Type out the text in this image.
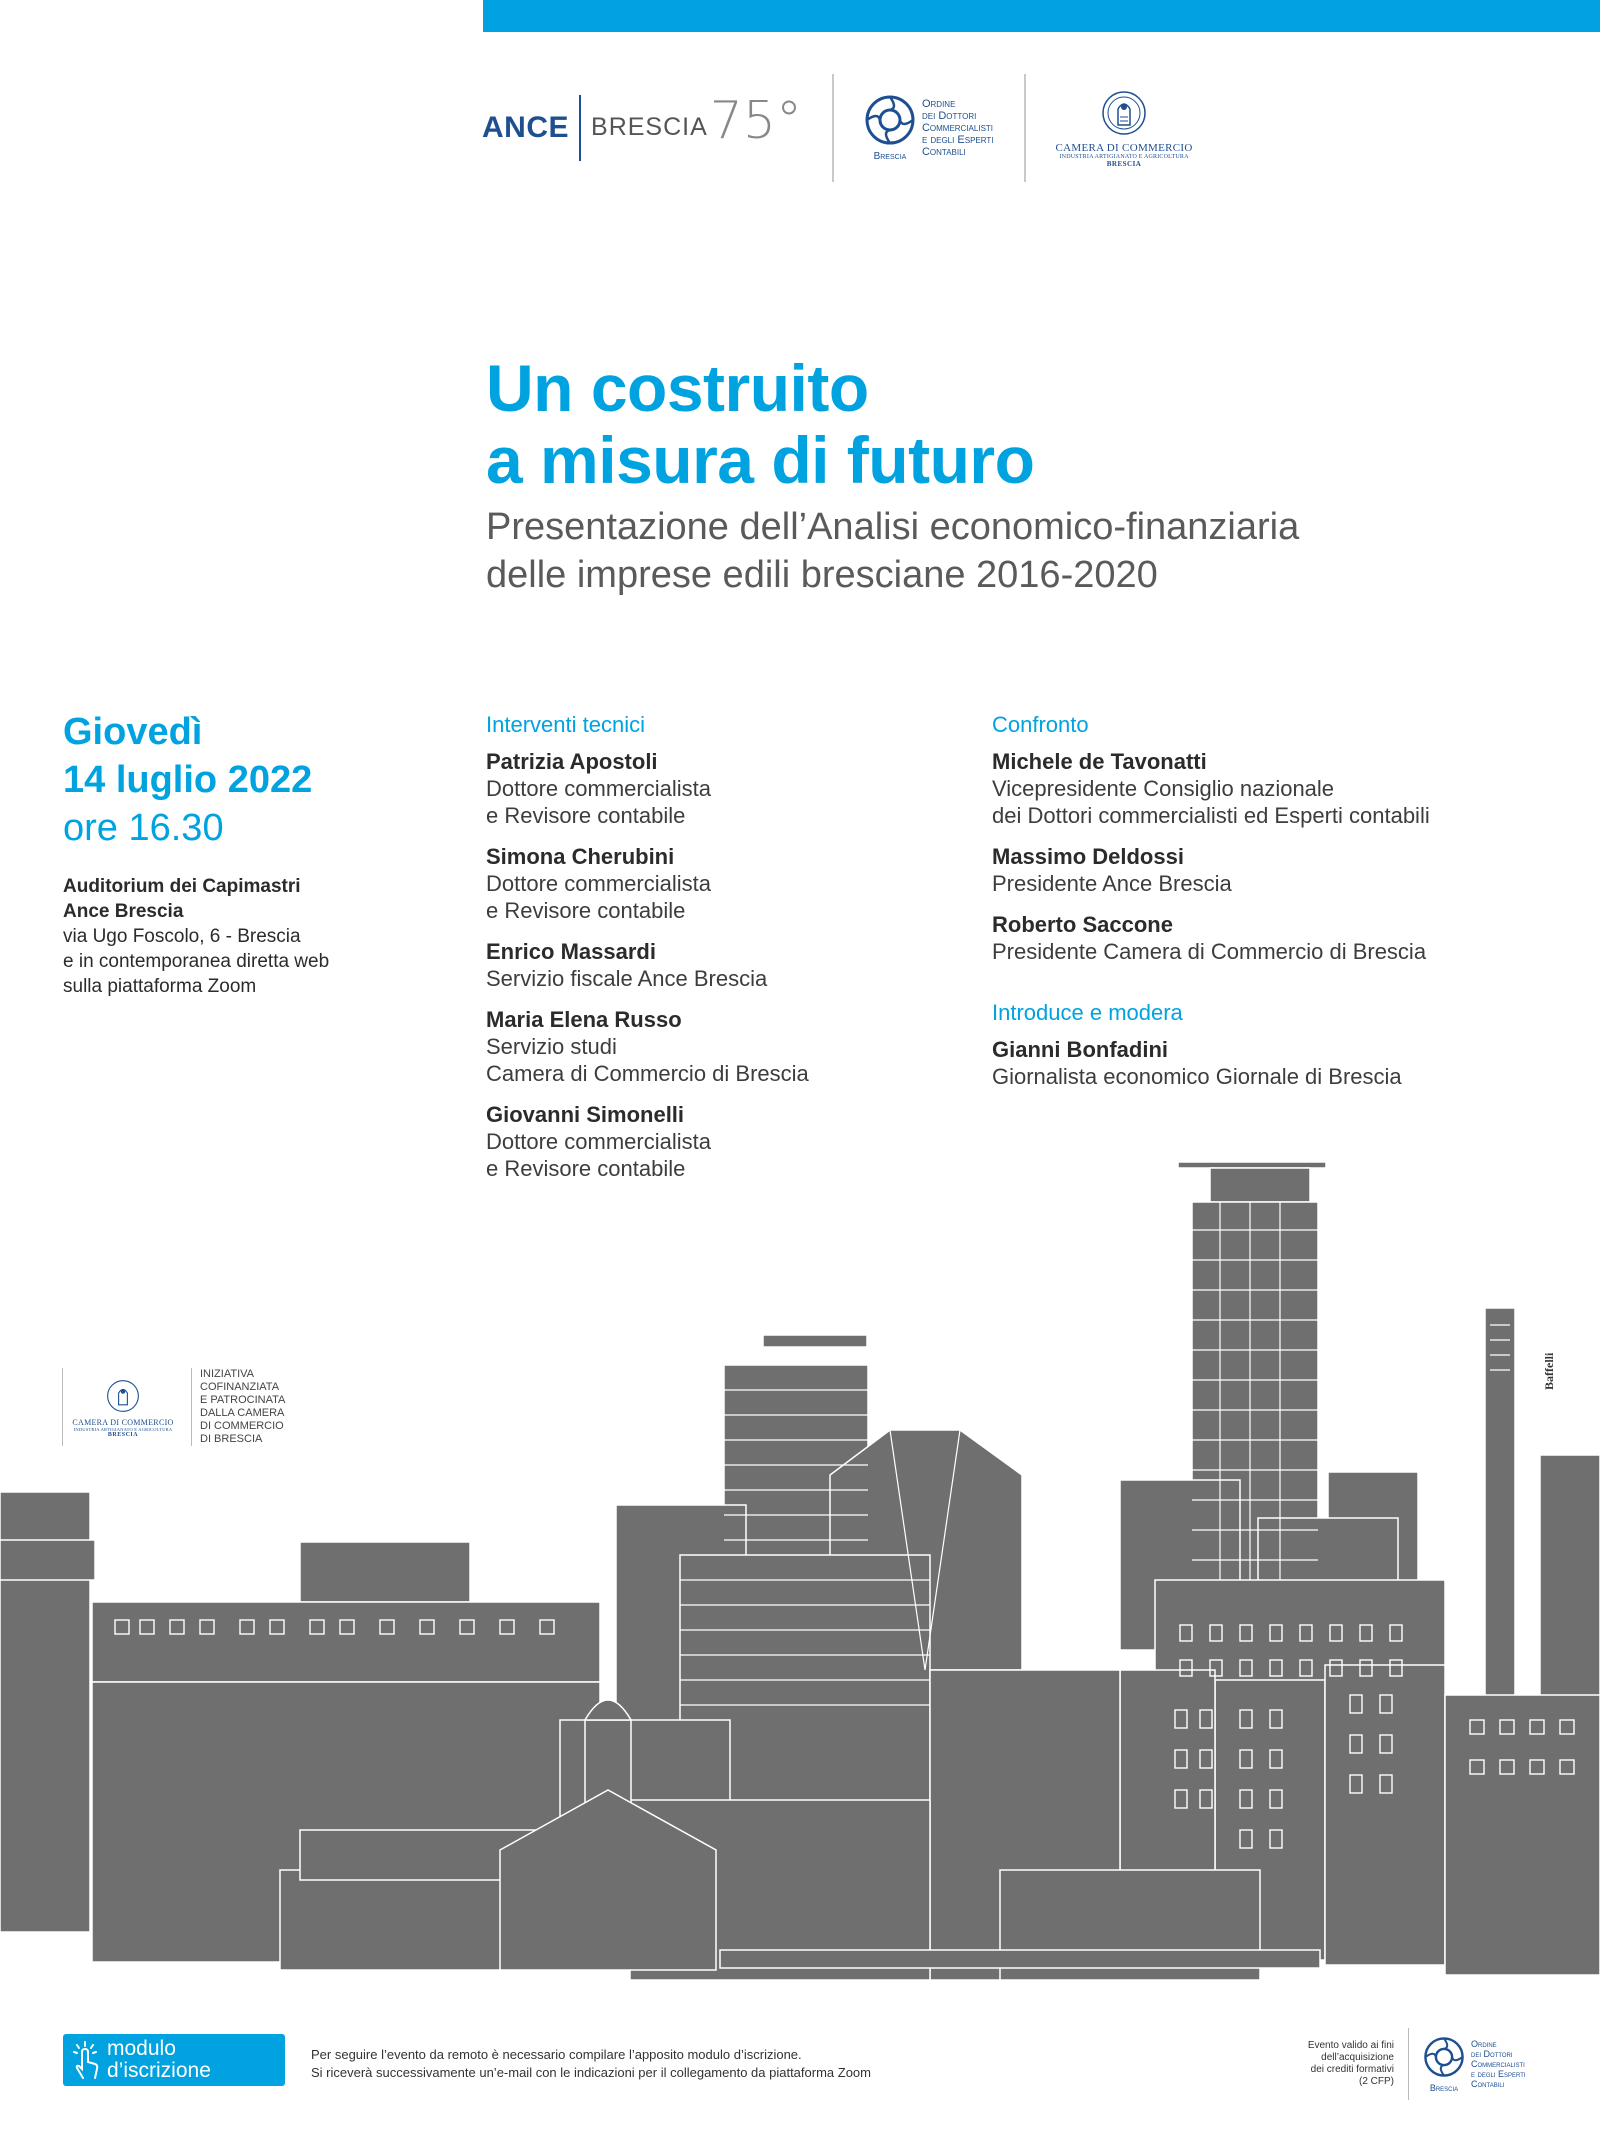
ANCE BRESCIA 75°
Brescia
Ordine
dei Dottori
Commercialisti
e degli Esperti
Contabili	CAMERA DI COMMERCIO
INDUSTRIA ARTIGIANATO E AGRICOLTURA
BRESCIA
Un costruito
a misura di futuro

Presentazione dell’Analisi economico-finanziaria
delle imprese edili bresciane 2016-2020

Giovedì
14 luglio 2022
ore 16.30
Auditorium dei Capimastri
Ance Brescia
via Ugo Foscolo, 6 - Brescia
e in contemporanea diretta web
sulla piattaforma Zoom
Interventi tecnici
Patrizia Apostoli
Dottore commercialista
e Revisore contabile
Simona Cherubini
Dottore commercialista
e Revisore contabile
Enrico Massardi
Servizio fiscale Ance Brescia
Maria Elena Russo
Servizio studi
Camera di Commercio di Brescia
Giovanni Simonelli
Dottore commercialista
e Revisore contabile
Confronto
Michele de Tavonatti
Vicepresidente Consiglio nazionale
dei Dottori commercialisti ed Esperti contabili
Massimo Deldossi
Presidente Ance Brescia
Roberto Saccone
Presidente Camera di Commercio di Brescia
Introduce e modera
Gianni Bonfadini
Giornalista economico Giornale di Brescia
CAMERA DI COMMERCIO
INDUSTRIA ARTIGIANATO E AGRICOLTURA
BRESCIA
INIZIATIVA
COFINANZIATA
E PATROCINATA
DALLA CAMERA
DI COMMERCIO
DI BRESCIA
Baffelli
modulo
d’iscrizione
Per seguire l’evento da remoto è necessario compilare l’apposito modulo d’iscrizione.
Si riceverà successivamente un’e-mail con le indicazioni per il collegamento da piattaforma Zoom
Evento valido ai fini
dell’acquisizione
dei crediti formativi
(2 CFP)
Brescia
Ordine
dei Dottori
Commercialisti
e degli Esperti
Contabili
